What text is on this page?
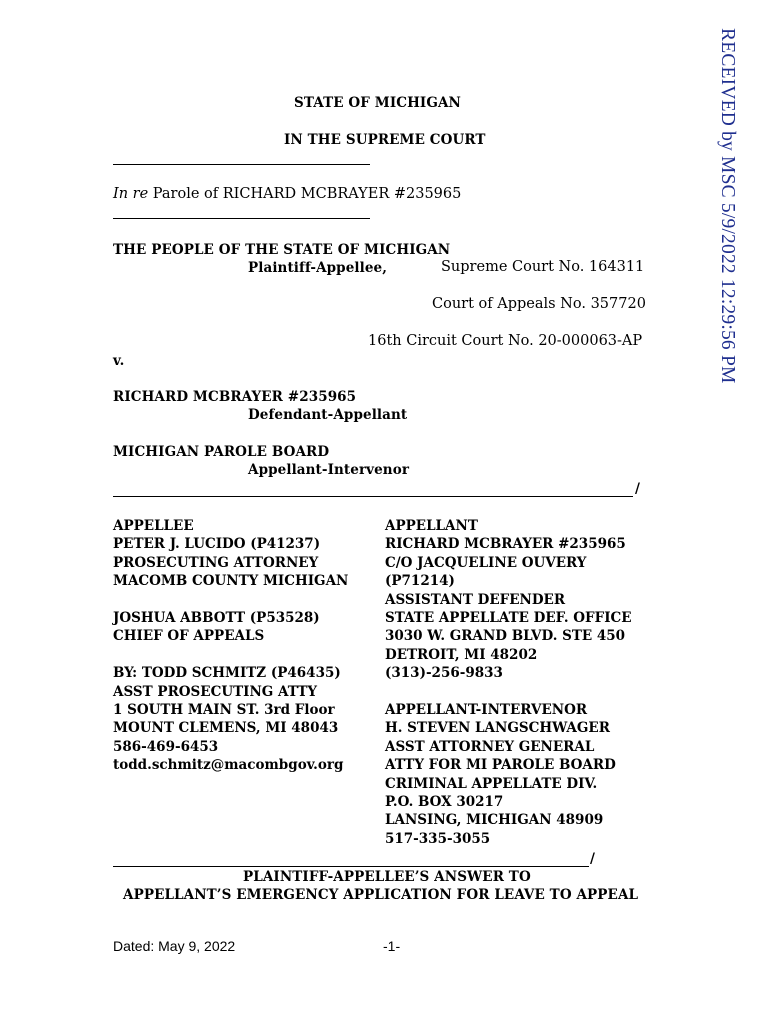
RECEIVED by MSC 5/9/2022 12:29:56 PM
STATE OF MICHIGAN
IN THE SUPREME COURT
In re Parole of RICHARD MCBRAYER #235965
THE PEOPLE OF THE STATE OF MICHIGAN
Plaintiff-Appellee,	Supreme Court No. 164311
Court of Appeals No. 357720
16th Circuit Court No. 20-000063-AP
v.
RICHARD MCBRAYER #235965
Defendant-Appellant
MICHIGAN PAROLE BOARD
Appellant-Intervenor
/
APPELLEE
PETER J. LUCIDO (P41237)
PROSECUTING ATTORNEY
MACOMB COUNTY MICHIGAN
JOSHUA ABBOTT (P53528)
CHIEF OF APPEALS
BY: TODD SCHMITZ (P46435)
ASST PROSECUTING ATTY
1 SOUTH MAIN ST. 3rd Floor
MOUNT CLEMENS, MI 48043
586-469-6453
todd.schmitz@macombgov.org
APPELLANT
RICHARD MCBRAYER #235965
C/O JACQUELINE OUVERY
(P71214)
ASSISTANT DEFENDER
STATE APPELLATE DEF. OFFICE
3030 W. GRAND BLVD. STE 450
DETROIT, MI 48202
(313)-256-9833
APPELLANT-INTERVENOR
H. STEVEN LANGSCHWAGER
ASST ATTORNEY GENERAL
ATTY FOR MI PAROLE BOARD
CRIMINAL APPELLATE DIV.
P.O. BOX 30217
LANSING, MICHIGAN 48909
517-335-3055
/
PLAINTIFF-APPELLEE’S ANSWER TO
APPELLANT’S EMERGENCY APPLICATION FOR LEAVE TO APPEAL
Dated: May 9, 2022	-1-
